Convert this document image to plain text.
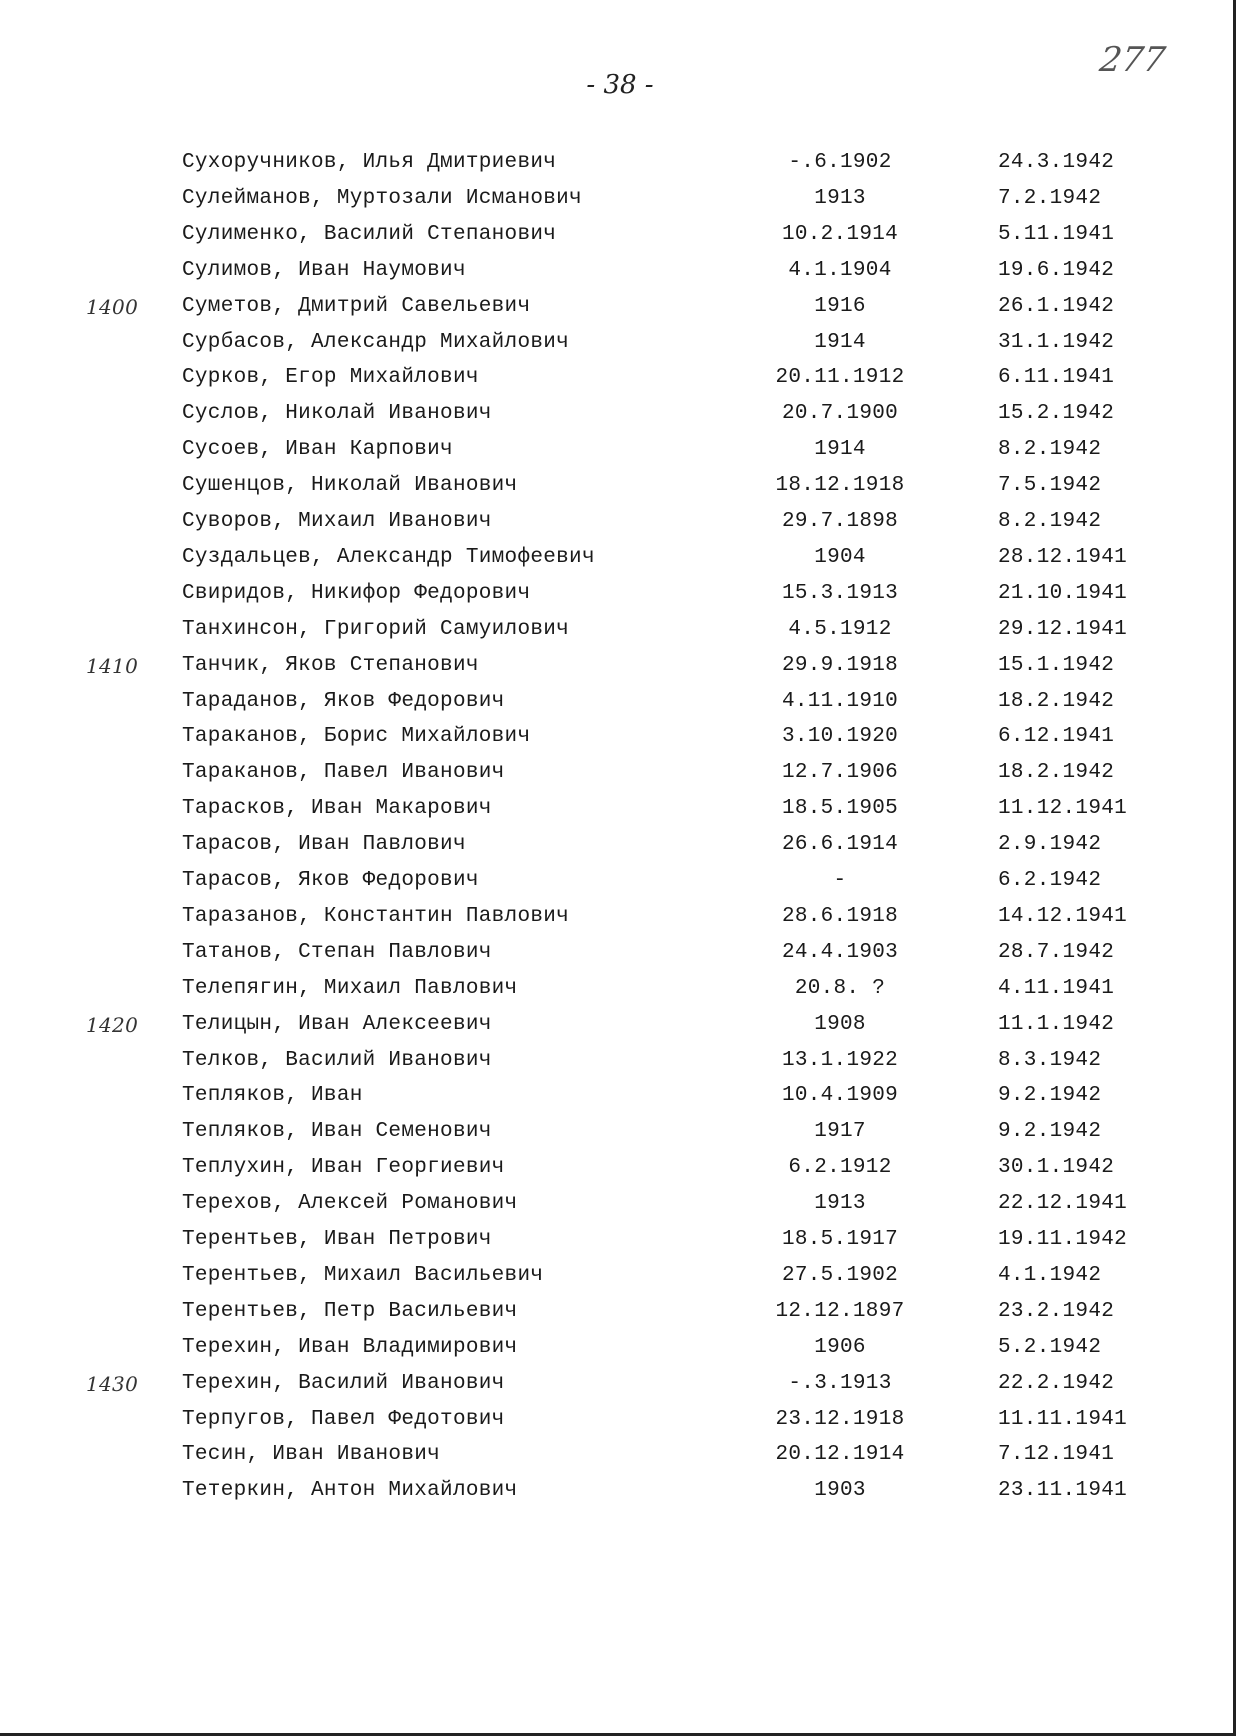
- 38 -
277
Сухоручников, Илья Дмитриевич	-.6.1902	24.3.1942
Сулейманов, Муртозали Исманович	1913	7.2.1942
Сулименко, Василий Степанович	10.2.1914	5.11.1941
Сулимов, Иван Наумович	4.1.1904	19.6.1942
1400	Суметов, Дмитрий Савельевич	1916	26.1.1942
Сурбасов, Александр Михайлович	1914	31.1.1942
Сурков, Егор Михайлович	20.11.1912	6.11.1941
Суслов, Николай Иванович	20.7.1900	15.2.1942
Сусоев, Иван Карпович	1914	8.2.1942
Сушенцов, Николай Иванович	18.12.1918	7.5.1942
Суворов, Михаил Иванович	29.7.1898	8.2.1942
Суздальцев, Александр Тимофеевич	1904	28.12.1941
Свиридов, Никифор Федорович	15.3.1913	21.10.1941
Танхинсон, Григорий Самуилович	4.5.1912	29.12.1941
1410	Танчик, Яков Степанович	29.9.1918	15.1.1942
Тараданов, Яков Федорович	4.11.1910	18.2.1942
Тараканов, Борис Михайлович	3.10.1920	6.12.1941
Тараканов, Павел Иванович	12.7.1906	18.2.1942
Тарасков, Иван Макарович	18.5.1905	11.12.1941
Тарасов, Иван Павлович	26.6.1914	2.9.1942
Тарасов, Яков Федорович	-	6.2.1942
Таразанов, Константин Павлович	28.6.1918	14.12.1941
Татанов, Степан Павлович	24.4.1903	28.7.1942
Телепягин, Михаил Павлович	20.8. ?	4.11.1941
1420	Телицын, Иван Алексеевич	1908	11.1.1942
Телков, Василий Иванович	13.1.1922	8.3.1942
Тепляков, Иван	10.4.1909	9.2.1942
Тепляков, Иван Семенович	1917	9.2.1942
Теплухин, Иван Георгиевич	6.2.1912	30.1.1942
Терехов, Алексей Романович	1913	22.12.1941
Терентьев, Иван Петрович	18.5.1917	19.11.1942
Терентьев, Михаил Васильевич	27.5.1902	4.1.1942
Терентьев, Петр Васильевич	12.12.1897	23.2.1942
Терехин, Иван Владимирович	1906	5.2.1942
1430	Терехин, Василий Иванович	-.3.1913	22.2.1942
Терпугов, Павел Федотович	23.12.1918	11.11.1941
Тесин, Иван Иванович	20.12.1914	7.12.1941
Тетеркин, Антон Михайлович	1903	23.11.1941
